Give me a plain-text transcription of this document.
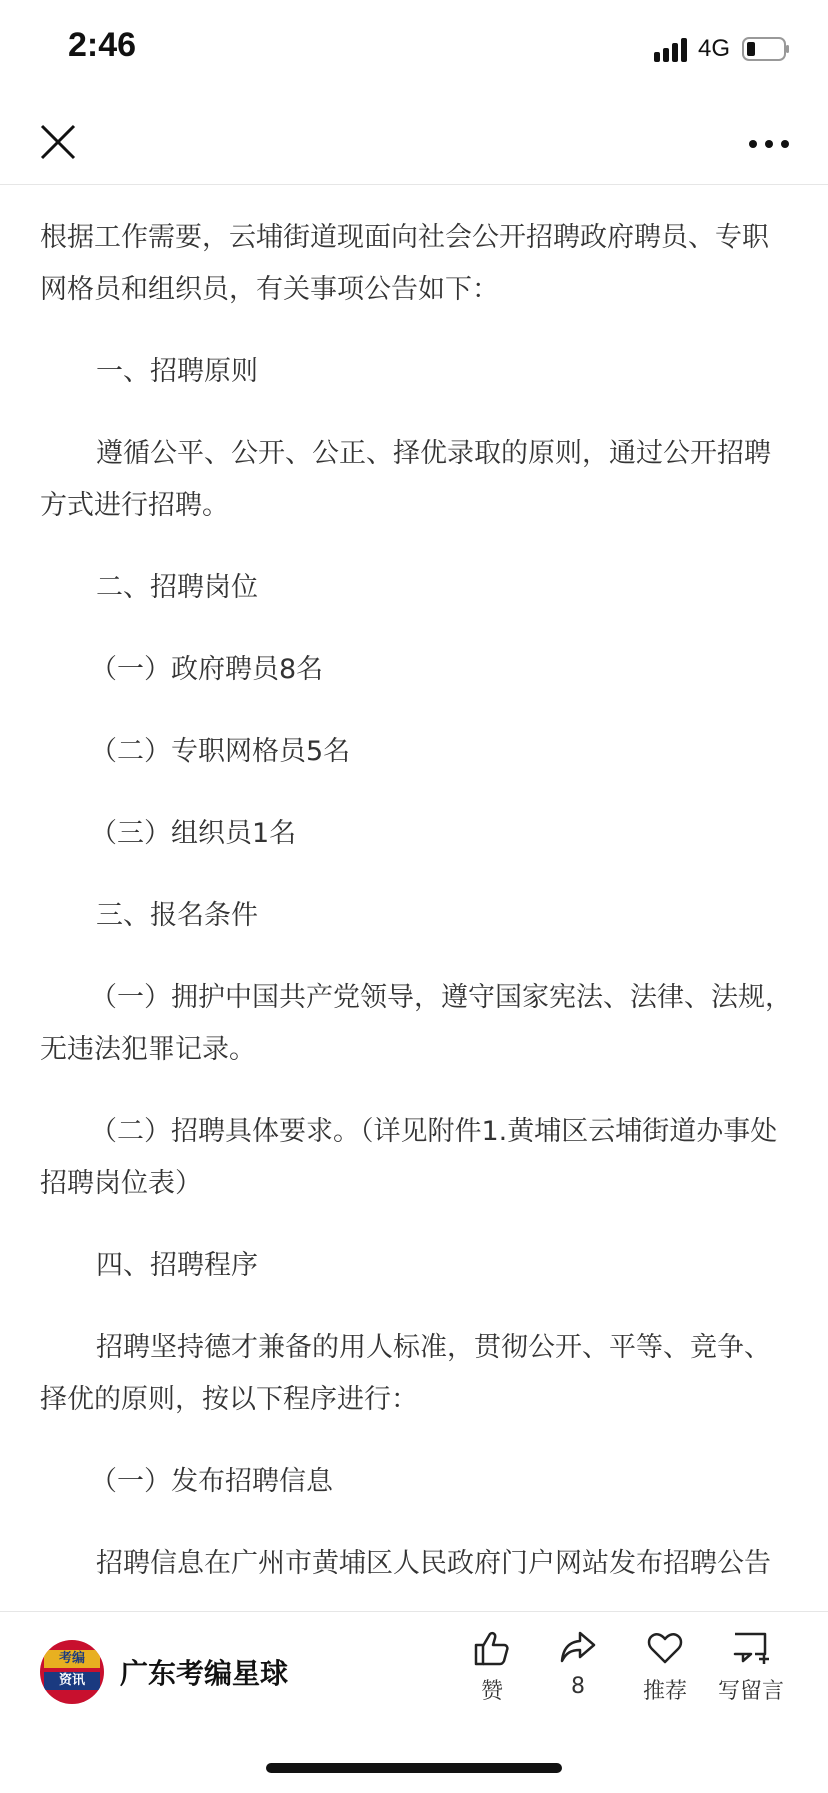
2:46	4G

根据工作需要，云埔街道现面向社会公开招聘政府聘员、专职网格员和组织员，有关事项公告如下：

一、招聘原则

遵循公平、公开、公正、择优录取的原则，通过公开招聘方式进行招聘。

二、招聘岗位

（一）政府聘员8名

（二）专职网格员5名

（三）组织员1名

三、报名条件

（一）拥护中国共产党领导，遵守国家宪法、法律、法规，无违法犯罪记录。

（二）招聘具体要求。（详见附件1.黄埔区云埔街道办事处招聘岗位表）

四、招聘程序

招聘坚持德才兼备的用人标准，贯彻公开、平等、竞争、择优的原则，按以下程序进行：

（一）发布招聘信息

招聘信息在广州市黄埔区人民政府门户网站发布招聘公告

考编
资讯	广东考编星球
赞	8	推荐	写留言
